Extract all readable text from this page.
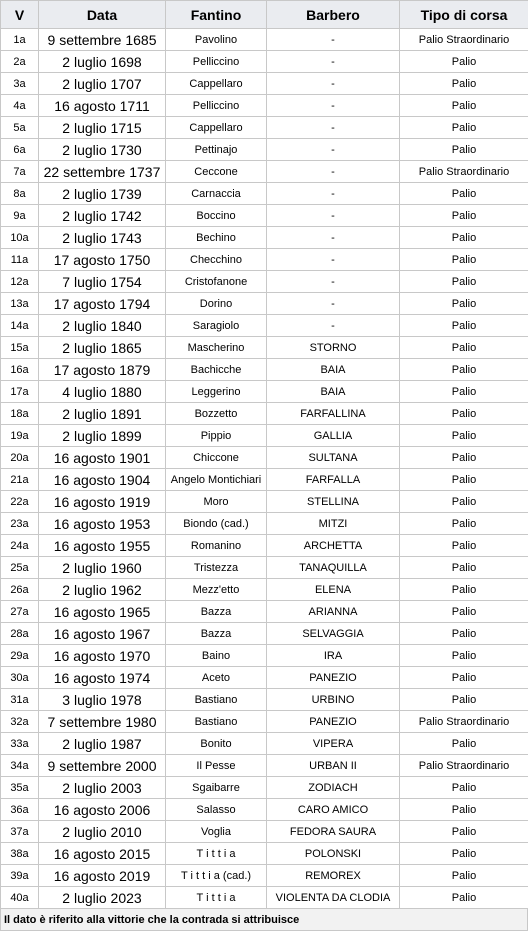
V	Data	Fantino	Barbero	Tipo di corsa
1a	9 settembre 1685	Pavolino	-	Palio Straordinario
2a	2 luglio 1698	Pelliccino	-	Palio
3a	2 luglio 1707	Cappellaro	-	Palio
4a	16 agosto 1711	Pelliccino	-	Palio
5a	2 luglio 1715	Cappellaro	-	Palio
6a	2 luglio 1730	Pettinajo	-	Palio
7a	22 settembre 1737	Ceccone	-	Palio Straordinario
8a	2 luglio 1739	Carnaccia	-	Palio
9a	2 luglio 1742	Boccino	-	Palio
10a	2 luglio 1743	Bechino	-	Palio
11a	17 agosto 1750	Checchino	-	Palio
12a	7 luglio 1754	Cristofanone	-	Palio
13a	17 agosto 1794	Dorino	-	Palio
14a	2 luglio 1840	Saragiolo	-	Palio
15a	2 luglio 1865	Mascherino	STORNO	Palio
16a	17 agosto 1879	Bachicche	BAIA	Palio
17a	4 luglio 1880	Leggerino	BAIA	Palio
18a	2 luglio 1891	Bozzetto	FARFALLINA	Palio
19a	2 luglio 1899	Pippio	GALLIA	Palio
20a	16 agosto 1901	Chiccone	SULTANA	Palio
21a	16 agosto 1904	Angelo Montichiari	FARFALLA	Palio
22a	16 agosto 1919	Moro	STELLINA	Palio
23a	16 agosto 1953	Biondo (cad.)	MITZI	Palio
24a	16 agosto 1955	Romanino	ARCHETTA	Palio
25a	2 luglio 1960	Tristezza	TANAQUILLA	Palio
26a	2 luglio 1962	Mezz'etto	ELENA	Palio
27a	16 agosto 1965	Bazza	ARIANNA	Palio
28a	16 agosto 1967	Bazza	SELVAGGIA	Palio
29a	16 agosto 1970	Baino	IRA	Palio
30a	16 agosto 1974	Aceto	PANEZIO	Palio
31a	3 luglio 1978	Bastiano	URBINO	Palio
32a	7 settembre 1980	Bastiano	PANEZIO	Palio Straordinario
33a	2 luglio 1987	Bonito	VIPERA	Palio
34a	9 settembre 2000	Il Pesse	URBAN II	Palio Straordinario
35a	2 luglio 2003	Sgaibarre	ZODIACH	Palio
36a	16 agosto 2006	Salasso	CARO AMICO	Palio
37a	2 luglio 2010	Voglia	FEDORA SAURA	Palio
38a	16 agosto 2015	T i t t i a	POLONSKI	Palio
39a	16 agosto 2019	T i t t i a (cad.)	REMOREX	Palio
40a	2 luglio 2023	T i t t i a	VIOLENTA DA CLODIA	Palio
Il dato è riferito alla vittorie che la contrada si attribuisce
